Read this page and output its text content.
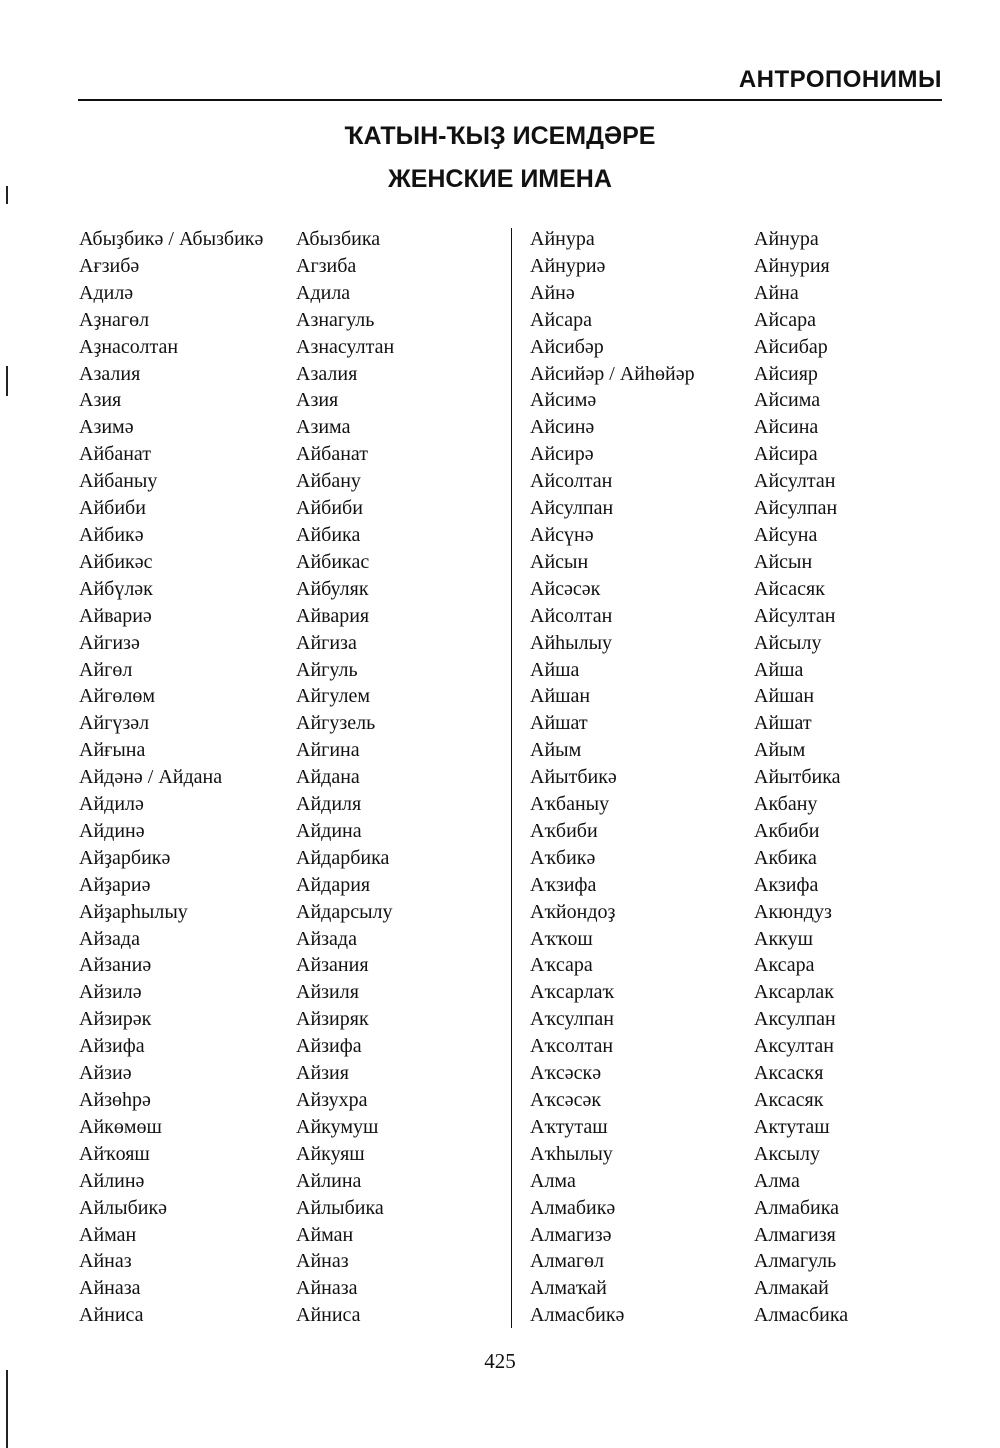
АНТРОПОНИМЫ
ҠАТЫН-ҠЫҘ ИСЕМДӘРЕ
ЖЕНСКИЕ ИМЕНА
Абыҙбикә / Абызбикә
Ағзибә
Адилә
Аҙнагөл
Аҙнасолтан
Азалия
Азия
Азимә
Айбанат
Айбаныу
Айбиби
Айбикә
Айбикәс
Айбүләк
Айвариә
Айгизә
Айгөл
Айгөлөм
Айгүзәл
Айғына
Айдәнә / Айдана
Айдилә
Айдинә
Айҙарбикә
Айҙариә
Айҙарһылыу
Айзада
Айзаниә
Айзилә
Айзирәк
Айзифа
Айзиә
Айзөһрә
Айкөмөш
Айҡояш
Айлинә
Айлыбикә
Айман
Айназ
Айназа
Айниса
Абызбика
Агзиба
Адила
Азнагуль
Азнасултан
Азалия
Азия
Азима
Айбанат
Айбану
Айбиби
Айбика
Айбикас
Айбуляк
Айвария
Айгиза
Айгуль
Айгулем
Айгузель
Айгина
Айдана
Айдиля
Айдина
Айдарбика
Айдария
Айдарсылу
Айзада
Айзания
Айзиля
Айзиряк
Айзифа
Айзия
Айзухра
Айкумуш
Айкуяш
Айлина
Айлыбика
Айман
Айназ
Айназа
Айниса
Айнура
Айнуриә
Айнә
Айсара
Айсибәр
Айсийәр / Айһөйәр
Айсимә
Айсинә
Айсирә
Айсолтан
Айсулпан
Айсүнә
Айсын
Айсәсәк
Айсолтан
Айһылыу
Айша
Айшан
Айшат
Айым
Айытбикә
Аҡбаныу
Аҡбиби
Аҡбикә
Аҡзифа
Аҡйондоҙ
Аҡҡош
Аҡсара
Аҡсарлаҡ
Аҡсулпан
Аҡсолтан
Аҡсәскә
Аҡсәсәк
Аҡтуташ
Аҡһылыу
Алма
Алмабикә
Алмагизә
Алмагөл
Алмаҡай
Алмасбикә
Айнура
Айнурия
Айна
Айсара
Айсибар
Айсияр
Айсима
Айсина
Айсира
Айсултан
Айсулпан
Айсуна
Айсын
Айсасяк
Айсултан
Айсылу
Айша
Айшан
Айшат
Айым
Айытбика
Акбану
Акбиби
Акбика
Акзифа
Акюндуз
Аккуш
Аксара
Аксарлак
Аксулпан
Аксултан
Аксаскя
Аксасяк
Актуташ
Аксылу
Алма
Алмабика
Алмагизя
Алмагуль
Алмакай
Алмасбика
425
